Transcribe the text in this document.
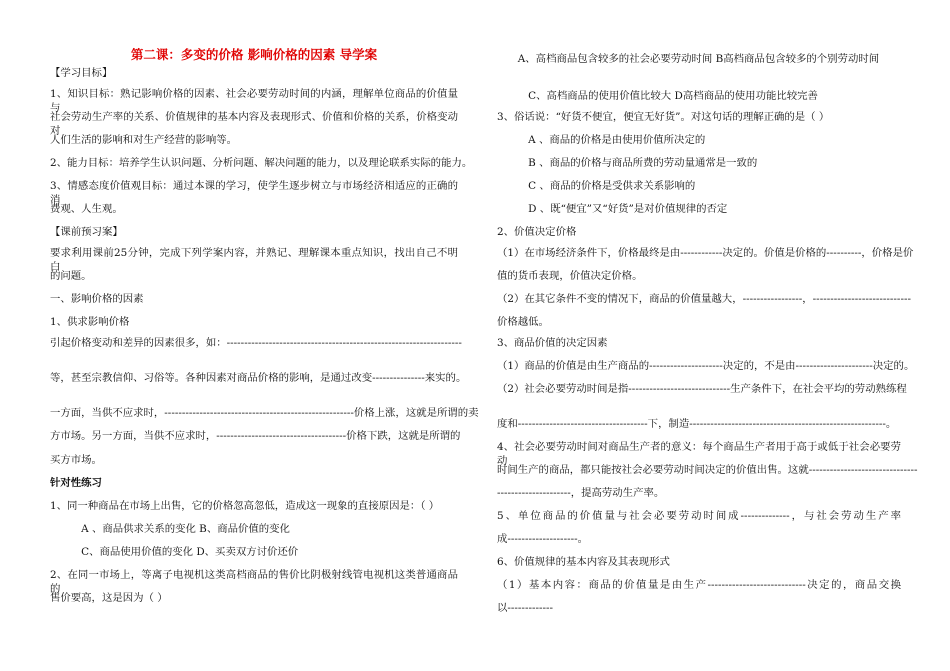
第二课：多变的价格 影响价格的因素 导学案
【学习目标】
1、知识目标：熟记影响价格的因素、社会必要劳动时间的内涵，理解单位商品的价值量与
社会劳动生产率的关系、价值规律的基本内容及表现形式、价值和价格的关系，价格变动对
人们生活的影响和对生产经营的影响等。
2、能力目标：培养学生认识问题、分析问题、解决问题的能力，以及理论联系实际的能力。
3、情感态度价值观目标：通过本课的学习，使学生逐步树立与市场经济相适应的正确的消
费观、人生观。
【课前预习案】
要求利用课前25分钟，完成下列学案内容，并熟记、理解课本重点知识，找出自己不明白
的问题。
一、影响价格的因素
1、供求影响价格
引起价格变动和差异的因素很多，如：-------------------------------------------------------------------
等，甚至宗教信仰、习俗等。各种因素对商品价格的影响，是通过改变---------------来实的。
一方面，当供不应求时，------------------------------------------------------价格上涨，这就是所谓的卖
方市场。另一方面，当供不应求时，-------------------------------------价格下跌，这就是所谓的
买方市场。
针对性练习
1、同一种商品在市场上出售，它的价格忽高忽低，造成这一现象的直接原因是：（ ）
　　　A 、商品供求关系的变化 B、商品价值的变化
　　　C、商品使用价值的变化 D、买卖双方讨价还价
2、在同一市场上，等离子电视机这类高档商品的售价比阴极射线管电视机这类普通商品的
售价要高，这是因为（ ）
　　A、高档商品包含较多的社会必要劳动时间 B高档商品包含较多的个别劳动时间
　　　C、高档商品的使用价值比较大 D高档商品的使用功能比较完善
3、俗话说：“好货不便宜，便宜无好货”。对这句话的理解正确的是（ ）
　　　A 、商品的价格是由使用价值所决定的
　　　B 、商品的价格与商品所费的劳动量通常是一致的
　　　C 、商品的价格是受供求关系影响的
　　　D 、既“便宜”又“好货”是对价值规律的否定
2、价值决定价格
（1）在市场经济条件下，价格最终是由------------决定的。价值是价格的----------，价格是价
值的货币表现，价值决定价格。
（2）在其它条件不变的情况下，商品的价值量越大，-----------------，----------------------------
价格越低。
3、商品价值的决定因素
（1）商品的价值是由生产商品的---------------------决定的，不是由----------------------决定的。
（2）社会必要劳动时间是指-----------------------------生产条件下，在社会平均的劳动熟练程
度和-------------------------------------下，制造--------------------------------------------------------。
4、社会必要劳动时间对商品生产者的意义：每个商品生产者用于高于或低于社会必要劳动
时间生产的商品，都只能按社会必要劳动时间决定的价值出售。这就-------------------------------
---------------------，提高劳动生产率。
5、单位商品的价值量与社会必要劳动时间成--------------，与社会劳动生产率
成--------------------。
6、价值规律的基本内容及其表现形式
（1）基本内容：商品的价值量是由生产----------------------------决定的，商品交换
以-------------
